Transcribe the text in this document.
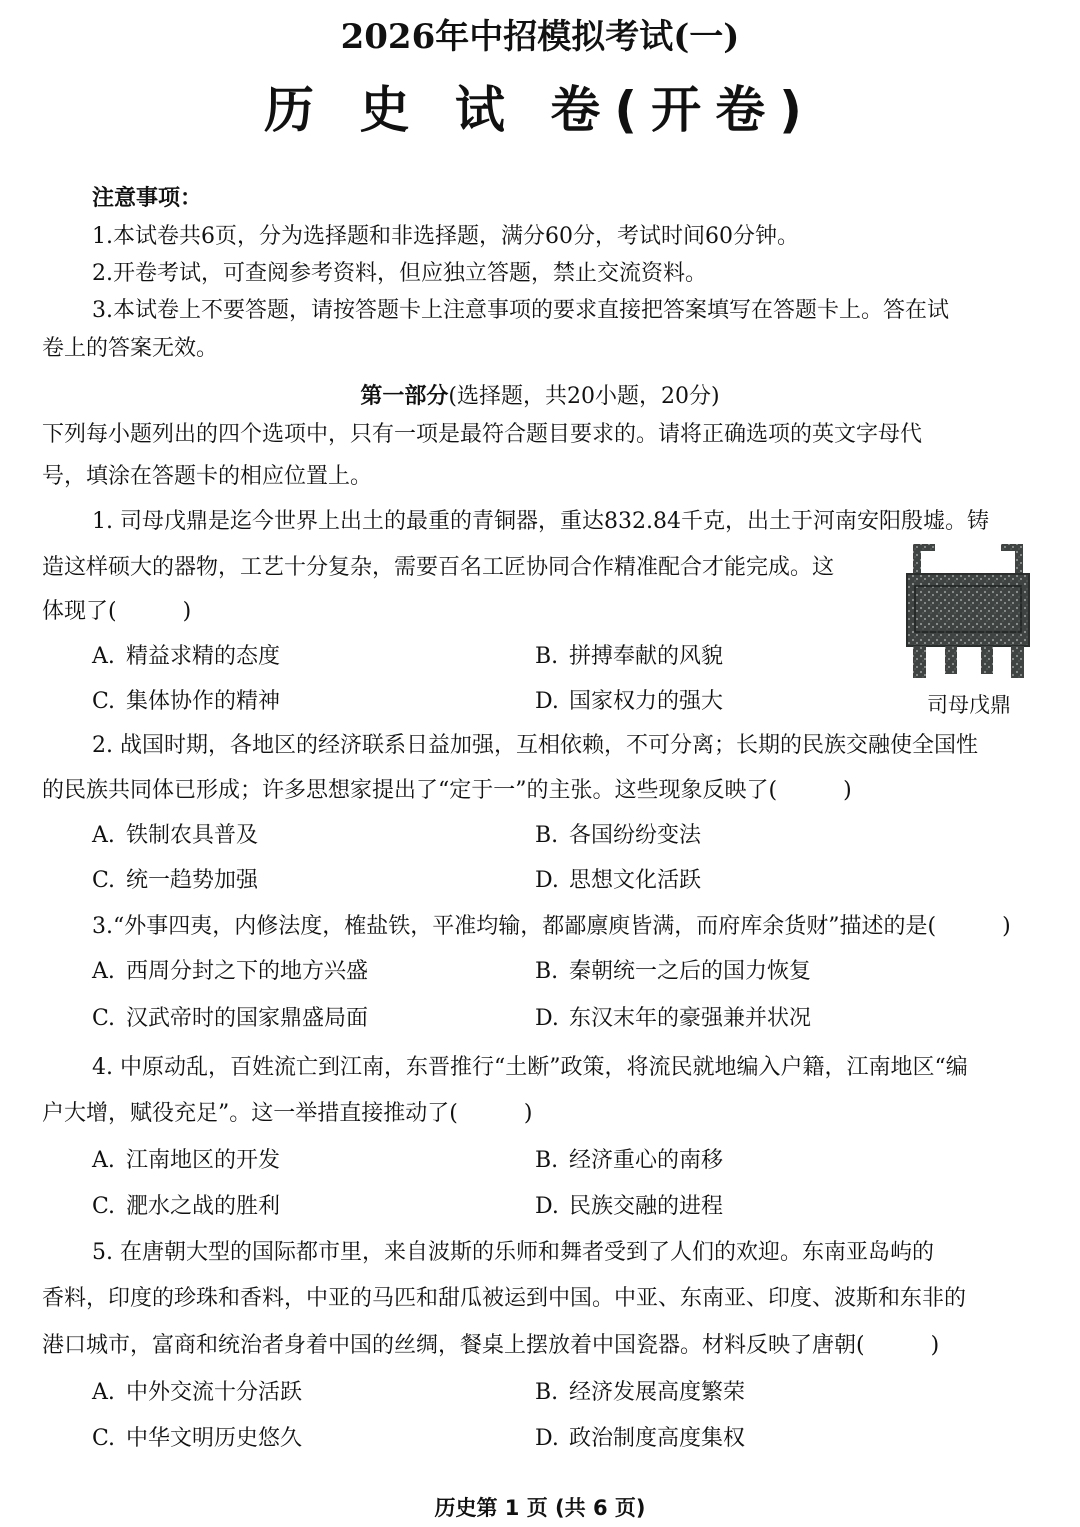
2026年中招模拟考试(一)
历 史 试 卷(开卷)
注意事项：
1.本试卷共6页，分为选择题和非选择题，满分60分，考试时间60分钟。
2.开卷考试，可查阅参考资料，但应独立答题，禁止交流资料。
3.本试卷上不要答题，请按答题卡上注意事项的要求直接把答案填写在答题卡上。答在试
卷上的答案无效。
第一部分(选择题，共20小题，20分)
下列每小题列出的四个选项中，只有一项是最符合题目要求的。请将正确选项的英文字母代
号，填涂在答题卡的相应位置上。
1. 司母戊鼎是迄今世界上出土的最重的青铜器，重达832.84千克，出土于河南安阳殷墟。铸
造这样硕大的器物，工艺十分复杂，需要百名工匠协同合作精准配合才能完成。这
体现了(　　　)
A. 精益求精的态度	B. 拼搏奉献的风貌
C. 集体协作的精神	D. 国家权力的强大	司母戊鼎
2. 战国时期，各地区的经济联系日益加强，互相依赖，不可分离；长期的民族交融使全国性
的民族共同体已形成；许多思想家提出了“定于一”的主张。这些现象反映了(　　　)
A. 铁制农具普及	B. 各国纷纷变法
C. 统一趋势加强	D. 思想文化活跃
3.“外事四夷，内修法度，榷盐铁，平准均输，都鄙廪庾皆满，而府库余货财”描述的是(　　　)
A. 西周分封之下的地方兴盛	B. 秦朝统一之后的国力恢复
C. 汉武帝时的国家鼎盛局面	D. 东汉末年的豪强兼并状况
4. 中原动乱，百姓流亡到江南，东晋推行“土断”政策，将流民就地编入户籍，江南地区“编
户大增，赋役充足”。这一举措直接推动了(　　　)
A. 江南地区的开发	B. 经济重心的南移
C. 淝水之战的胜利	D. 民族交融的进程
5. 在唐朝大型的国际都市里，来自波斯的乐师和舞者受到了人们的欢迎。东南亚岛屿的
香料，印度的珍珠和香料，中亚的马匹和甜瓜被运到中国。中亚、东南亚、印度、波斯和东非的
港口城市，富商和统治者身着中国的丝绸，餐桌上摆放着中国瓷器。材料反映了唐朝(　　　)
A. 中外交流十分活跃	B. 经济发展高度繁荣
C. 中华文明历史悠久	D. 政治制度高度集权
历史第 1 页 (共 6 页)
